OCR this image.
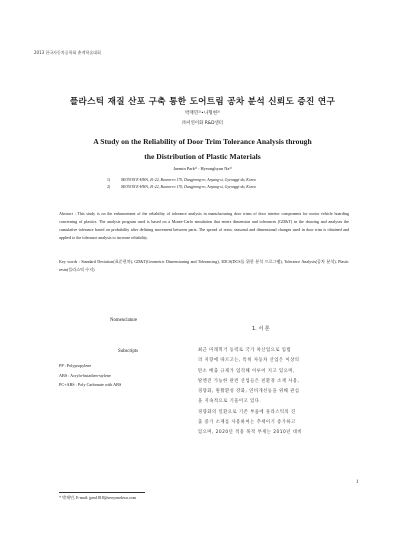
2013 한국자동차공학회 춘계학술대회
플라스틱 재질 산포 구축 통한 도어트림 공차 분석 신뢰도 증진 연구
박재민¹⁾•나형현²⁾
㈜서연이화 R&D센터
A Study on the Reliability of Door Trim Tolerance Analysis through
the Distribution of Plastic Materials
Jaemin Park¹⁾ ∙ Hyeonghyun Na²⁾
1)	SEOYON E-HWA, 41-22, Buwon-ro 170, Dangjeong-ro, Anyang-si, Gyeonggi-do, Korea
2)	SEOYON E-HWA, 41-22, Buwon-ro 170, Dangjeong-ro, Anyang-si, Gyeonggi-do, Korea
Abstract : This study is on the enhancement of the reliability of tolerance analysis in manufacturing door trims of door interior components for motor vehicle hoarding concerning of plastics. The analysis program used is based on a Monte-Carlo simulation that enters dimension and tolerances (GD&T) in the drawing and analyses the cumulative tolerance based on probability after defining movement between parts. The spread of resin, seasonal and dimensional changes used in door trim is obtained and applied to the tolerance analysis to increase reliability.
Key words : Standard Deviation(표준편차), GD&T(Geometric Dimensioning and Tolerancing), 3DCS(DCS를 위한 분석 프로그램), Tolerance Analysis(공차 분석), Plastic resin(플라스틱 수지)
Nomenclature
Subscripts
PP : Polypropylene
ABS : Acrylo-butadien-stylene
PC+ABS : Poly Carbonate with ABS
1. 서 론
최근 미래먹거 동력로 국가 차산업으로 입법
의 지향에 따르고는, 특히 자동차 산업은 이상의
탄소 배출 규제가 엄격해 이루어 지고 있으며,
탈엔진 가능한 관련 산업들은 친환경 소재 사용,
경량화, 원활환성 강화, 연비개선등을 위해 관심
을 지속적으로 기울이고 있다.
경량화의 일환으로 기존 부품에 플라스틱의 진
출 증가 소재를 사용하여는 추세이기 증가하고
있으며, 2020년 적용 목적 부재는 2010년 대비
* 박재민, E-mail: jpm1818@seoyonehwa.com
1
